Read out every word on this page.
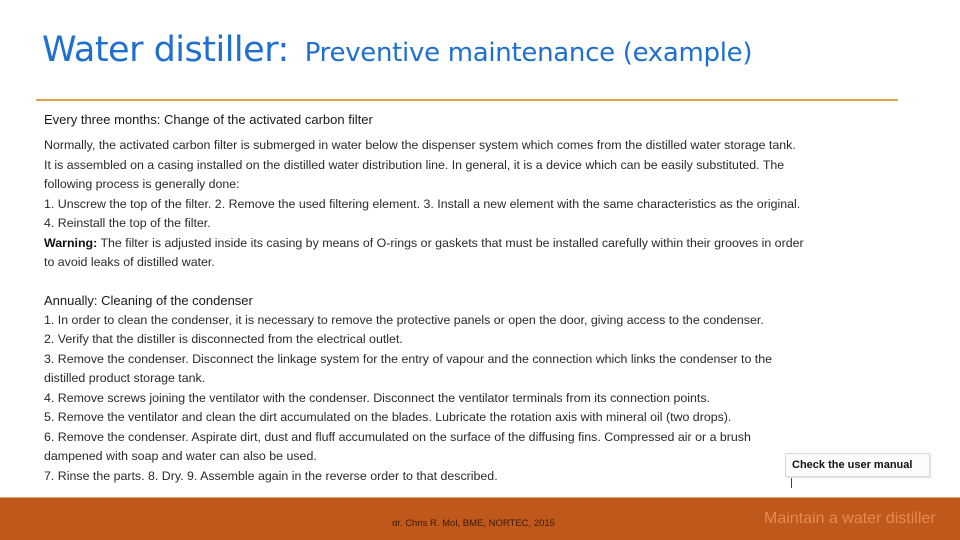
Water distiller: Preventive maintenance (example)
Every three months: Change of the activated carbon filter
Normally, the activated carbon filter is submerged in water below the dispenser system which comes from the distilled water storage tank.
It is assembled on a casing installed on the distilled water distribution line. In general, it is a device which can be easily substituted. The
following process is generally done:
1. Unscrew the top of the filter. 2. Remove the used filtering element. 3. Install a new element with the same characteristics as the original.
4. Reinstall the top of the filter.
Warning: The filter is adjusted inside its casing by means of O-rings or gaskets that must be installed carefully within their grooves in order
to avoid leaks of distilled water.
Annually: Cleaning of the condenser
1. In order to clean the condenser, it is necessary to remove the protective panels or open the door, giving access to the condenser.
2. Verify that the distiller is disconnected from the electrical outlet.
3. Remove the condenser. Disconnect the linkage system for the entry of vapour and the connection which links the condenser to the
distilled product storage tank.
4. Remove screws joining the ventilator with the condenser. Disconnect the ventilator terminals from its connection points.
5. Remove the ventilator and clean the dirt accumulated on the blades. Lubricate the rotation axis with mineral oil (two drops).
6. Remove the condenser. Aspirate dirt, dust and fluff accumulated on the surface of the diffusing fins. Compressed air or a brush
dampened with soap and water can also be used.
7. Rinse the parts. 8. Dry. 9. Assemble again in the reverse order to that described.
Check the user manual
dr. Chris R. Mol, BME, NORTEC, 2015	Maintain a water distiller
